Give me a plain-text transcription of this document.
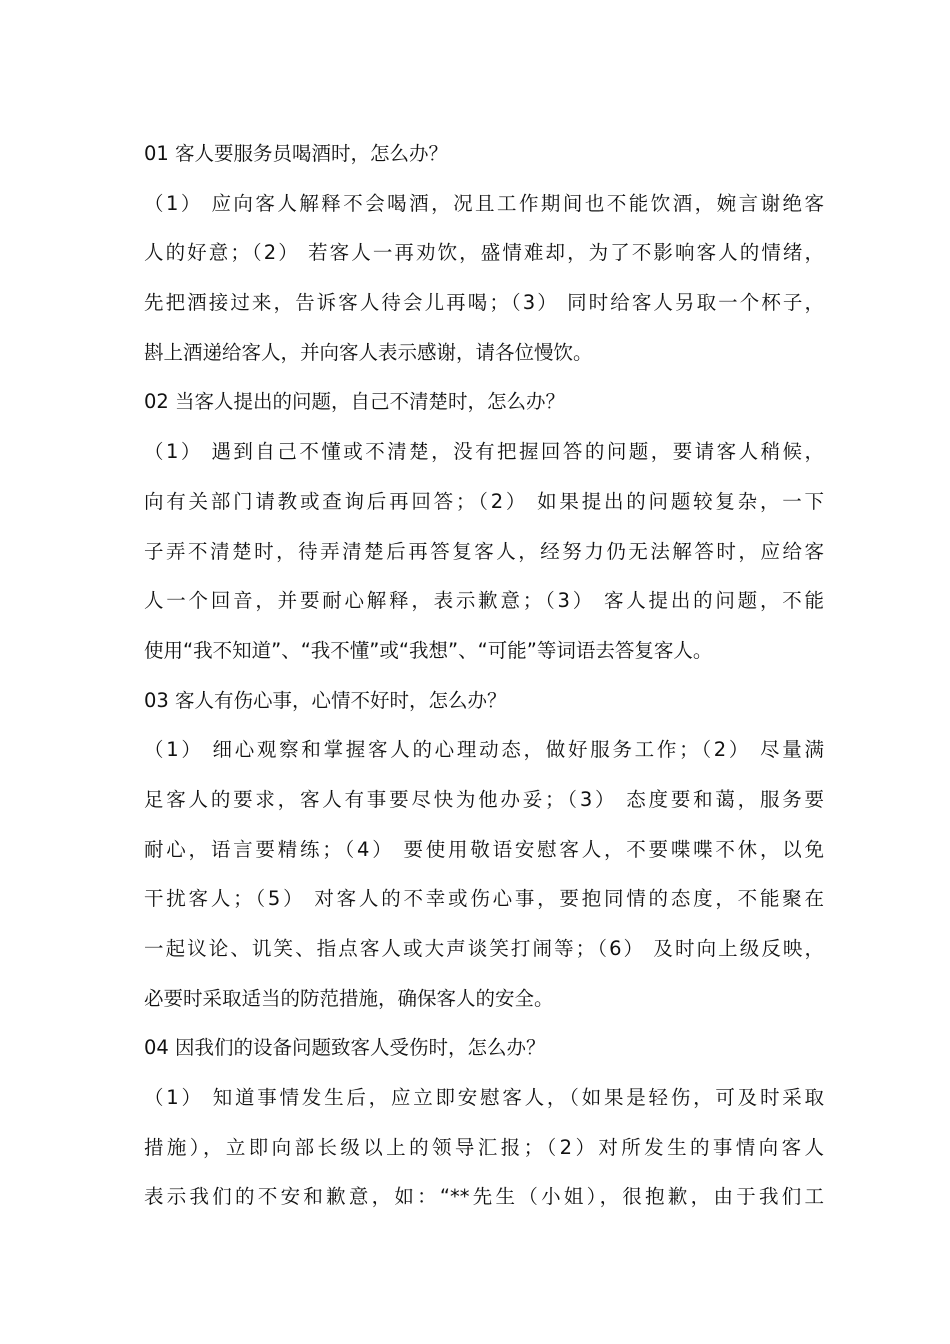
01 客人要服务员喝酒时，怎么办？
（1） 应向客人解释不会喝酒，况且工作期间也不能饮酒，婉言谢绝客
人的好意；（2） 若客人一再劝饮，盛情难却，为了不影响客人的情绪，
先把酒接过来，告诉客人待会儿再喝；（3） 同时给客人另取一个杯子，
斟上酒递给客人，并向客人表示感谢，请各位慢饮。
02 当客人提出的问题，自己不清楚时，怎么办？
（1） 遇到自己不懂或不清楚，没有把握回答的问题，要请客人稍候，
向有关部门请教或查询后再回答；（2） 如果提出的问题较复杂，一下
子弄不清楚时，待弄清楚后再答复客人，经努力仍无法解答时，应给客
人一个回音，并要耐心解释，表示歉意；（3） 客人提出的问题，不能
使用“我不知道”、“我不懂”或“我想”、“可能”等词语去答复客人。
03 客人有伤心事，心情不好时，怎么办？
（1） 细心观察和掌握客人的心理动态，做好服务工作；（2） 尽量满
足客人的要求，客人有事要尽快为他办妥；（3） 态度要和蔼，服务要
耐心，语言要精练；（4） 要使用敬语安慰客人，不要喋喋不休，以免
干扰客人；（5） 对客人的不幸或伤心事，要抱同情的态度，不能聚在
一起议论、讥笑、指点客人或大声谈笑打闹等；（6） 及时向上级反映，
必要时采取适当的防范措施，确保客人的安全。
04 因我们的设备问题致客人受伤时，怎么办？
（1） 知道事情发生后，应立即安慰客人，（如果是轻伤，可及时采取
措施），立即向部长级以上的领导汇报；（2）对所发生的事情向客人
表示我们的不安和歉意，如：“**先生（小姐），很抱歉，由于我们工
